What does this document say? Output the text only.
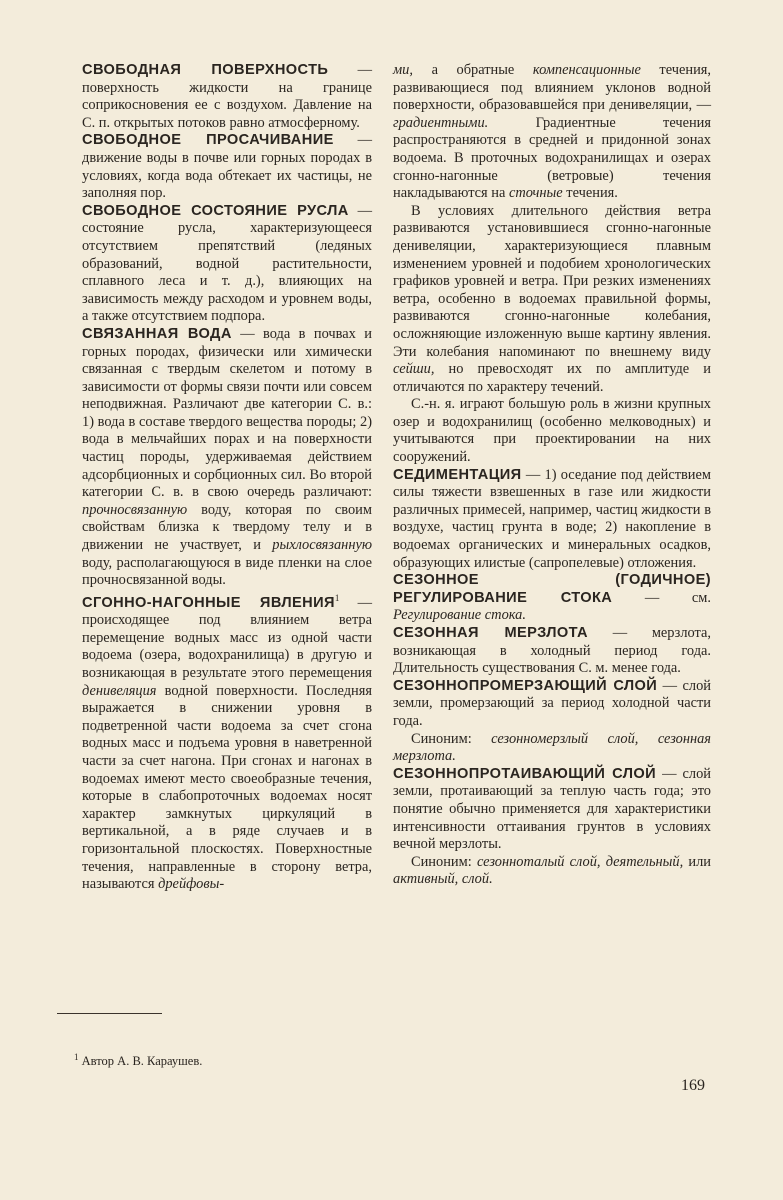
СВОБОДНАЯ ПОВЕРХНОСТЬ — поверхность жидкости на границе соприкосновения ее с воздухом. Давление на С. п. открытых потоков равно атмосферному.

СВОБОДНОЕ ПРОСАЧИВАНИЕ — движение воды в почве или горных породах в условиях, когда вода обтекает их частицы, не заполняя пор.

СВОБОДНОЕ СОСТОЯНИЕ РУСЛА — состояние русла, характеризующееся отсутствием препятствий (ледяных образований, водной растительности, сплавного леса и т. д.), влияющих на зависимость между расходом и уровнем воды, а также отсутствием подпора.

СВЯЗАННАЯ ВОДА — вода в почвах и горных породах, физически или химически связанная с твердым скелетом и потому в зависимости от формы связи почти или совсем неподвижная. Различают две категории С. в.: 1) вода в составе твердого вещества породы; 2) вода в мельчайших порах и на поверхности частиц породы, удерживаемая действием адсорбционных и сорбционных сил. Во второй категории С. в. в свою очередь различают: прочносвязанную воду, которая по своим свойствам близка к твердому телу и в движении не участвует, и рыхлосвязанную воду, располагающуюся в виде пленки на слое прочносвязанной воды.

СГОННО-НАГОННЫЕ ЯВЛЕНИЯ$^1$ — происходящее под влиянием ветра перемещение водных масс из одной части водоема (озера, водохранилища) в другую и возникающая в результате этого перемещения денивеляция водной поверхности. Последняя выражается в снижении уровня в подветренной части водоема за счет сгона водных масс и подъема уровня в наветренной части за счет нагона. При сгонах и нагонах в водоемах имеют место своеобразные течения, которые в слабопроточных водоемах носят характер замкнутых циркуляций в вертикальной, а в ряде случаев и в горизонтальной плоскостях. Поверхностные течения, направленные в сторону ветра, называются дрейфовы-

ми, а обратные компенсационные течения, развивающиеся под влиянием уклонов водной поверхности, образовавшейся при денивеляции, — градиентными. Градиентные течения распространяются в средней и придонной зонах водоема. В проточных водохранилищах и озерах сгонно-нагонные (ветровые) течения накладываются на сточные течения.

В условиях длительного действия ветра развиваются установившиеся сгонно-нагонные денивеляции, характеризующиеся плавным изменением уровней и подобием хронологических графиков уровней и ветра. При резких изменениях ветра, особенно в водоемах правильной формы, развиваются сгонно-нагонные колебания, осложняющие изложенную выше картину явления. Эти колебания напоминают по внешнему виду сейши, но превосходят их по амплитуде и отличаются по характеру течений.

С.-н. я. играют большую роль в жизни крупных озер и водохранилищ (особенно мелководных) и учитываются при проектировании на них сооружений.

СЕДИМЕНТАЦИЯ — 1) оседание под действием силы тяжести взвешенных в газе или жидкости различных примесей, например, частиц жидкости в воздухе, частиц грунта в воде; 2) накопление в водоемах органических и минеральных осадков, образующих илистые (сапропелевые) отложения.

СЕЗОННОЕ (ГОДИЧНОЕ) РЕГУЛИРОВАНИЕ СТОКА — см. Регулирование стока.

СЕЗОННАЯ МЕРЗЛОТА — мерзлота, возникающая в холодный период года. Длительность существования С. м. менее года.

СЕЗОННОПРОМЕРЗАЮЩИЙ СЛОЙ — слой земли, промерзающий за период холодной части года.

Синоним: сезонномерзлый слой, сезонная мерзлота.

СЕЗОННОПРОТАИВАЮЩИЙ СЛОЙ — слой земли, протаивающий за теплую часть года; это понятие обычно применяется для характеристики интенсивности оттаивания грунтов в условиях вечной мерзлоты.

Синоним: сезонноталый слой, деятельный, или активный, слой.

$^1$ Автор А. В. Караушев.
169
